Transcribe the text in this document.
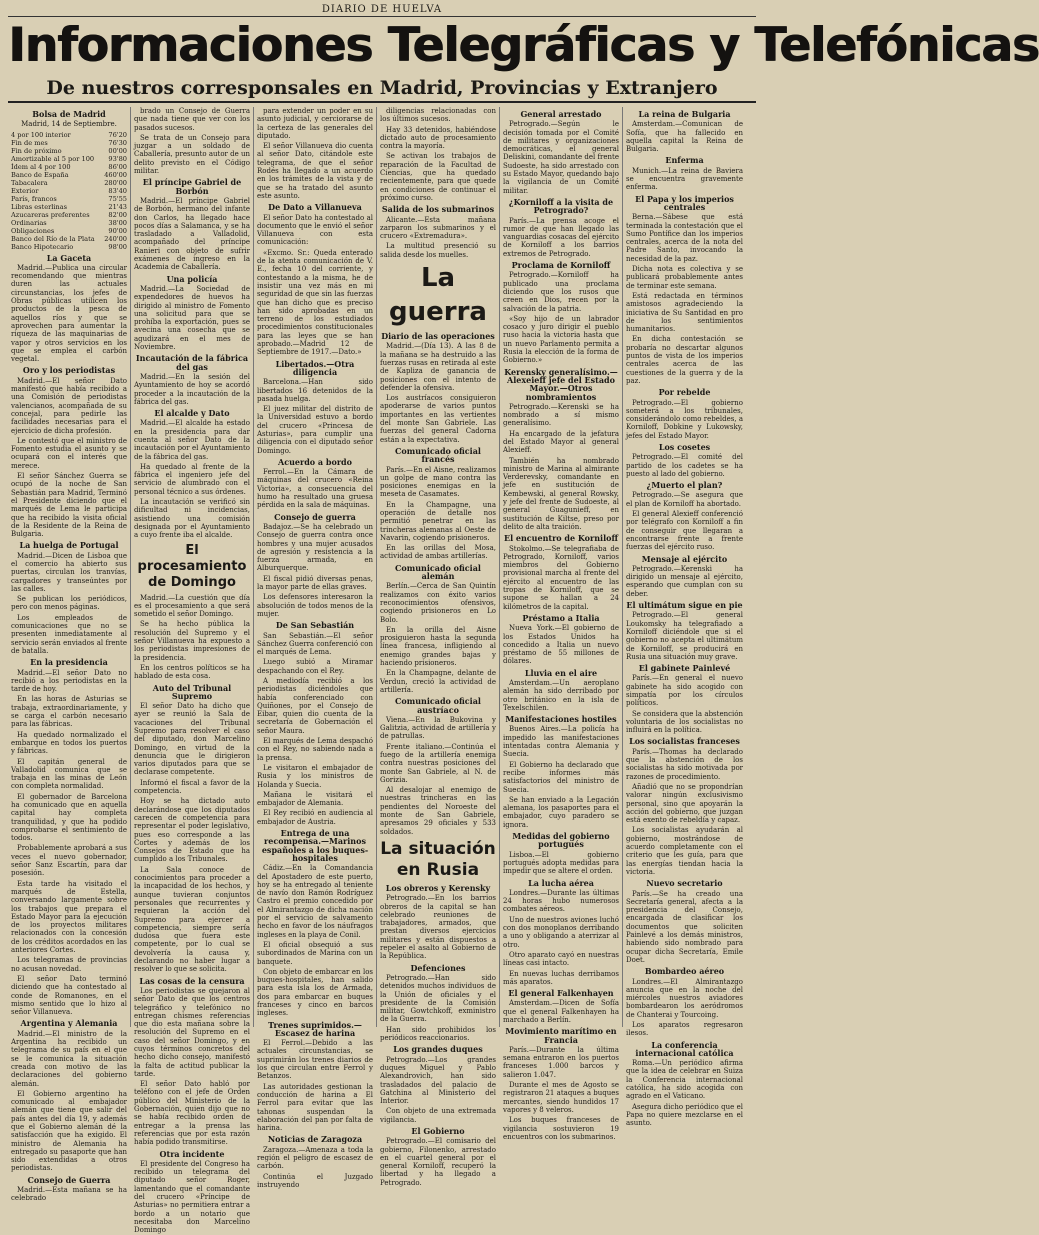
DIARIO DE HUELVA
Informaciones Telegráficas y Telefónicas
De nuestros corresponsales en Madrid, Provincias y Extranjero
Bolsa de Madrid
Madrid, 14 de Septiembre.
4 por 100 interior	76'20
Fin de mes	76'30
Fin de próximo	00'00
Amortizable al 5 por 100	93'80
Ídem al 4 por 100	86'00
Banco de España	460'00
Tabacalera	280'00
Exterior	83'40
París, francos	75'55
Libras esterlinas	21'43
Azucareras preferentes	82'00
Ordinarias	38'00
Obligaciones	90'00
Banco del Río de la Plata	240'00
Banco Hipotecario	98'00
La Gaceta

Madrid.—Publica una circular recomendando que mientras duren las actuales circunstancias, los jefes de Obras públicas utilicen los productos de la pesca de aquellos ríos y que se aprovechen para aumentar la riqueza de las maquinarias de vapor y otros servicios en los que se emplea el carbón vegetal.

Oro y los periodistas

Madrid.—El señor Dato manifestó que había recibido a una Comisión de periodistas valencianos, acompañada de su concejal, para pedirle las facilidades necesarias para el ejercicio de dicha profesión.

Le contestó que el ministro de Fomento estudia el asunto y se ocupará con el interés que merece.

El señor Sánchez Guerra se ocupó de la noche de San Sebastián para Madrid, Terminó el Presidente diciendo que el marqués de Lema le participa que ha recibido la visita oficial de la Residente de la Reina de Bulgaria.

La huelga de Portugal

Madrid.—Dicen de Lisboa que el comercio ha abierto sus puertas, circulan los tranvías, cargadores y transeúntes por las calles.

Se publican los periódicos, pero con menos páginas.

Los empleados de comunicaciones que no se presenten inmediatamente al servicio serán enviados al frente de batalla.

En la presidencia

Madrid.—El señor Dato no recibió a los periodistas en la tarde de hoy.

En las horas de Asturias se trabaja, extraordinariamente, y se carga el carbón necesario para las fábricas.

Ha quedado normalizado el embarque en todos los puertos y fábricas.

El capitán general de Valladolid comunica que se trabaja en las minas de León con completa normalidad.

El gobernador de Barcelona ha comunicado que en aquella capital hay completa tranquilidad, y que ha podido comprobarse el sentimiento de todos.

Probablemente aprobará a sus veces el nuevo gobernador, señor Sanz Escartín, para dar posesión.

Esta tarde ha visitado el marqués de Estella, conversando largamente sobre los trabajos que prepara el Estado Mayor para la ejecución de los proyectos militares relacionados con la concesión de los créditos acordados en las anteriores Cortes.

Los telegramas de provincias no acusan novedad.

El señor Dato terminó diciendo que ha contestado al conde de Romanones, en el mismo sentido que lo hizo al señor Villanueva.

Argentina y Alemania

Madrid.—El ministro de la Argentina ha recibido un telegrama de su país en el que se le comunica la situación creada con motivo de las declaraciones del gobierno alemán.

El Gobierno argentino ha comunicado al embajador alemán que tiene que salir del país antes del día 19, y además que el Gobierno alemán dé la satisfacción que ha exigido. El ministro de Alemania ha entregado su pasaporte que han sido extendidas a otros periodistas.

Consejo de Guerra

Madrid.—Esta mañana se ha celebrado

brado un Consejo de Guerra que nada tiene que ver con los pasados sucesos.

Se trata de un Consejo para juzgar a un soldado de Caballería, presunto autor de un delito previsto en el Código militar.

El príncipe Gabriel de Borbón

Madrid.—El príncipe Gabriel de Borbón, hermano del infante don Carlos, ha llegado hace pocos días a Salamanca, y se ha trasladado a Valladolid, acompañado del príncipe Ranieri con objeto de sufrir exámenes de ingreso en la Academia de Caballería.

Una policía

Madrid.—La Sociedad de expendedores de huevos ha dirigido al ministro de Fomento una solicitud para que se prohíba la exportación, pues se avecina una cosecha que se agudizará en el mes de Noviembre.

Incautación de la fábrica del gas

Madrid.—En la sesión del Ayuntamiento de hoy se acordó proceder a la incautación de la fábrica del gas.

El alcalde y Dato

Madrid.—El alcalde ha estado en la presidencia para dar cuenta al señor Dato de la incautación por el Ayuntamiento de la fábrica del gas.

Ha quedado al frente de la fábrica el ingeniero jefe del servicio de alumbrado con el personal técnico a sus órdenes.

La incautación se verificó sin dificultad ni incidencias, asistiendo una comisión designada por el Ayuntamiento a cuyo frente iba el alcalde.

El procesamiento de Domingo

Madrid.—La cuestión que día es el procesamiento a que será sometido el señor Domingo.

Se ha hecho pública la resolución del Supremo y el señor Villanueva ha expuesto a los periodistas impresiones de la presidencia.

En los centros políticos se ha hablado de esta cosa.

Auto del Tribunal Supremo

El señor Dato ha dicho que ayer se reunió la Sala de vacaciones del Tribunal Supremo para resolver el caso del diputado, don Marcelino Domingo, en virtud de la denuncia que le dirigieron varios diputados para que se declarase competente.

Informó el fiscal a favor de la competencia.

Hoy se ha dictado auto declarándose que los diputados carecen de competencia para representar el poder legislativo, pues eso corresponde a las Cortes y además de los Consejos de Estado que ha cumplido a los Tribunales.

La Sala conoce de conocimientos para proceder a la incapacidad de los hechos, y aunque tuvieran conjuntos personales que recurrentes y requieran la acción del Supremo para ejercer a competencia, siempre sería dudosa que fuera este competente, por lo cual se devolvería la causa y, declarando no haber lugar a resolver lo que se solicita.

Las cosas de la censura

Los periodistas se quejaron al señor Dato de que los centros telegráfico y telefónico no entregan chismes referencias que dio esta mañana sobre la resolución del Supremo en el caso del señor Domingo, y en cuyos términos concretos del hecho dicho consejo, manifestó la falta de actitud publicar la tarde.

El señor Dato habló por teléfono con el jefe de Orden público del Ministerio de la Gobernación, quien dijo que no se había recibido orden de entregar a la prensa las referencias que por esta razón había podido transmitirse.

Otra incidente

El presidente del Congreso ha recibido un telegrama del diputado señor Roger, lamentando que el comandante del crucero «Príncipe de Asturias» no permitiera entrar a bordo a un notario que necesitaba don Marcelino Domingo

para extender un poder en su asunto judicial, y cerciorarse de la certeza de las generales del diputado.

El señor Villanueva dio cuenta al señor Dato, citándole este telegrama, de que el señor Rodés ha llegado a un acuerdo en los trámites de la vista y de que se ha tratado del asunto este asunto.

De Dato a Villanueva

El señor Dato ha contestado al documento que le envió el señor Villanueva con esta comunicación:

«Excmo. Sr.: Queda enterado de la atenta comunicación de V. E., fecha 10 del corriente, y contestando a la misma, he de insistir una vez más en mi seguridad de que sin las fuerzas que han dicho que es preciso han sido aprobadas en un terreno de los estudiados procedimientos constitucionales para las leyes que se han aprobado.—Madrid 12 de Septiembre de 1917.—Dato.»

Libertados.—Otra diligencia

Barcelona.—Han sido libertados 16 detenidos de la pasada huelga.

El juez militar del distrito de la Universidad estuvo a bordo del crucero «Princesa de Asturias», para cumplir una diligencia con el diputado señor Domingo.

Acuerdo a bordo

Ferrol.—En la Cámara de máquinas del crucero «Reina Victoria», a consecuencia del humo ha resultado una gruesa pérdida en la sala de máquinas.

Consejo de guerra

Badajoz.—Se ha celebrado un Consejo de guerra contra once hombres y una mujer acusados de agresión y resistencia a la fuerza armada, en Alburquerque.

El fiscal pidió diversas penas, la mayor parte de ellas graves.

Los defensores interesaron la absolución de todos menos de la mujer.

De San Sebastián

San Sebastián.—El señor Sánchez Guerra conferenció con el marqués de Lema.

Luego subió a Miramar despachando con el Rey.

A mediodía recibió a los periodistas diciéndoles que había conferenciado con Quiñones, por el Consejo de Eibar, quien dio cuenta de la secretaría de Gobernación el señor Maura.

El marqués de Lema despachó con el Rey, no sabiendo nada a la prensa.

Le visitaron el embajador de Rusia y los ministros de Holanda y Suecia.

Mañana le visitará el embajador de Alemania.

El Rey recibió en audiencia al embajador de Austria.

Entrega de una recompensa.—Marinos españoles a los buques-hospitales

Cádiz.—En la Comandancia del Apostadero de este puerto, hoy se ha entregado al teniente de navío don Ramón Rodríguez Castro el premio concedido por el Almirantazgo de dicha nación por el servicio de salvamento hecho en favor de los náufragos ingleses en la playa de Conil.

El oficial obsequió a sus subordinados de Marina con un banquete.

Con objeto de embarcar en los buques-hospitales, han salido para esta isla los de Armada, dos para embarcar en buques franceses y cinco en barcos ingleses.

Trenes suprimidos.—Escasez de harina

El Ferrol.—Debido a las actuales circunstancias, se suprimirán los trenes diarios de los que circulan entre Ferrol y Betanzos.

Las autoridades gestionan la conducción de harina a El Ferrol para evitar que las tahonas suspendan la elaboración del pan por falta de harina.

Noticias de Zaragoza

Zaragoza.—Amenaza a toda la región el peligro de escasez de carbón.

Continúa el Juzgado instruyendo

diligencias relacionadas con los últimos sucesos.

Hay 33 detenidos, habiéndose dictado auto de procesamiento contra la mayoría.

Se activan los trabajos de reparación de la Facultad de Ciencias, que ha quedado recientemente, para que quede en condiciones de continuar el próximo curso.

Salida de los submarinos

Alicante.—Esta mañana zarparon los submarinos y el crucero «Extremadura».

La multitud presenció su salida desde los muelles.

La guerra
Diario de las operaciones

Madrid.—(Día 13). A las 8 de la mañana se ha destruido a las fuerzas rusas en retirada al este de Kapliza de ganancia de posiciones con el intento de defender la ofensiva.

Los austríacos consiguieron apoderarse de varios puntos importantes en las vertientes del monte San Gabriele. Las fuerzas del general Cadorna están a la expectativa.

Comunicado oficial francés

París.—En el Aisne, realizamos un golpe de mano contra las posiciones enemigas en la meseta de Casamates.

En la Champagne, una operación de detalle nos permitió penetrar en las trincheras alemanas al Oeste de Navarin, cogiendo prisioneros.

En las orillas del Mosa, actividad de ambas artillerías.

Comunicado oficial alemán

Berlín.—Cerca de San Quintín realizamos con éxito varios reconocimientos ofensivos, cogiendo prisioneros en Lo Bolo.

En la orilla del Aisne prosiguieron hasta la segunda línea francesa, infligiendo al enemigo grandes bajas y haciendo prisioneros.

En la Champagne, delante de Verdun, creció la actividad de artillería.

Comunicado oficial austríaco

Viena.—En la Bukovina y Galitzia, actividad de artillería y de patrullas.

Frente italiano.—Continúa el fuego de la artillería enemiga contra nuestras posiciones del monte San Gabriele, al N. de Gorizia.

Al desalojar al enemigo de nuestras trincheras en las pendientes del Noroeste del monte de San Gabriele, apresamos 29 oficiales y 533 soldados.

La situación en Rusia
Los obreros y Kerensky

Petrogrado.—En los barrios obreros de la capital se han celebrado reuniones de trabajadores, armados, que prestan diversos ejercicios militares y están dispuestos a repeler el asalto al Gobierno de la República.

Defenciones

Petrogrado.—Han sido detenidos muchos individuos de la Unión de oficiales y el presidente de la Comisión militar, Gowtchkoff, exministro de la Guerra.

Han sido prohibidos los periódicos reaccionarios.

Los grandes duques

Petrogrado.—Los grandes duques Miguel y Pablo Alexandrovich, han sido trasladados del palacio de Gatchina al Ministerio del Interior.

Con objeto de una extremada vigilancia.

El Gobierno

Petrogrado.—El comisario del gobierno, Filonenko, arrestado en el cuartel general por el general Korniloff, recuperó la libertad y ha llegado a Petrogrado.

General arrestado

Petrogrado.—Según le decisión tomada por el Comité de militares y organizaciones democráticas, el general Deliskini, comandante del frente Sudoeste, ha sido arrestado con su Estado Mayor, quedando bajo la vigilancia de un Comité militar.

¿Korniloff a la visita de Petrogrado?

París.—La prensa acoge el rumor de que han llegado las vanguardias cosacas del ejército de Korniloff a los barrios extremos de Petrogrado.

Proclama de Korniloff

Petrogrado.—Korniloff ha publicado una proclama diciendo que los rusos que creen en Dios, recen por la salvación de la patria.

«Soy hijo de un labrador cosaco y juro dirigir el pueblo ruso hacia la victoria hasta que un nuevo Parlamento permita a Rusia la elección de la forma de Gobierno.»

Kerensky generalísimo.—Alexeieff jefe del Estado Mayor.—Otros nombramientos

Petrogrado.—Kerenski se ha nombrado a sí mismo generalísimo.

Ha encargado de la jefatura del Estado Mayor al general Alexieff.

También ha nombrado ministro de Marina al almirante Verderevsky, comandante en jefe en sustitución de Kembewski, al general Rowsky, y jefe del frente de Sudoeste, al general Guagunieff, en sustitución de Kiltse, preso por delito de alta traición.

El encuentro de Korniloff

Stokolmo.—Se telegrafiaba de Petrogrado, Korniloff, varios miembros del Gobierno provisional marcha al frente del ejército al encuentro de las tropas de Korniloff, que se supone se hallan a 24 kilómetros de la capital.

Préstamo a Italia

Nueva York.—El gobierno de los Estados Unidos ha concedido a Italia un nuevo préstamo de 55 millones de dólares.

Lluvia en el aire

Amsterdam.—Un aeroplano alemán ha sido derribado por otro británico en la isla de Texelschilen.

Manifestaciones hostiles

Buenos Aires.—La policía ha impedido las manifestaciones intentadas contra Alemania y Suecia.

El Gobierno ha declarado que recibe informes más satisfactorios del ministro de Suecia.

Se han enviado a la Legación alemana, los pasaportes para el embajador, cuyo paradero se ignora.

Medidas del gobierno portugués

Lisboa.—El gobierno portugués adopta medidas para impedir que se altere el orden.

La lucha aérea

Londres.—Durante las últimas 24 horas hubo numerosos combates aéreos.

Uno de nuestros aviones luchó con dos monoplanos derribando a uno y obligando a aterrizar al otro.

Otro aparato cayó en nuestras líneas casi intacto.

En nuevas luchas derribamos más aparatos.

El general Falkenhayen

Amsterdam.—Dicen de Sofía que el general Falkenhayen ha marchado a Berlín.

Movimiento marítimo en Francia

París.—Durante la última semana entraron en los puertos franceses 1.000 barcos y salieron 1.047.

Durante el mes de Agosto se registraron 21 ataques a buques mercantes, siendo hundidos 17 vapores y 8 veleros.

Los buques franceses de vigilancia sostuvieron 19 encuentros con los submarinos.

La reina de Bulgaria

Amsterdam.—Comunican de Sofía, que ha fallecido en aquella capital la Reina de Bulgaria.

Enferma

Munich.—La reina de Baviera se encuentra gravemente enferma.

El Papa y los imperios centrales

Berna.—Sábese que está terminada la contestación que el Sumo Pontífice dan los imperios centrales, acerca de la nota del Padre Santo, invocando la necesidad de la paz.

Dicha nota es colectiva y se publicará probablemente antes de terminar este semana.

Está redactada en términos amistosos agradeciendo la iniciativa de Su Santidad en pro de los sentimientos humanitarios.

En dicha contestación se probaría no descartar algunos puntos de vista de los imperios centrales acerca de las cuestiones de la guerra y de la paz.

Por rebelde

Petrogrado.—El gobierno someterá a los tribunales, considerándolo como rebeldes, a Korniloff, Dobkine y Lukowsky, jefes del Estado Mayor.

Los cosetes

Petrogrado.—El comité del partido de los cadetes se ha puesto al lado del gobierno.

¿Muerto el plan?

Petrogrado.—Se asegura que el plan de Korniloff ha abortado.

El general Alexieff conferenció por telégrafo con Korniloff a fin de conseguir que llegaran a encontrarse frente a frente fuerzas del ejército ruso.

Mensaje al ejército

Petrogrado.—Kerenski ha dirigido un mensaje al ejército, esperando que cumplan con su deber.

El ultimátum sigue en pie

Petrogrado.—El general Loukomsky ha telegrafiado a Korniloff diciéndole que si el gobierno no acepta el ultimátum de Korniloff, se producirá en Rusia una situación muy grave.

El gabinete Painlevé

París.—En general el nuevo gabinete ha sido acogido con simpatía por los círculos políticos.

Se considera que la abstención voluntaria de los socialistas no influirá en la política.

Los socialistas franceses

París.—Thomas ha declarado que la abstención de los socialistas ha sido motivada por razones de procedimiento.

Añadió que no se propondrían valorar ningún exclusivismo personal, sino que apoyarán la acción del gobierno, que juzgan está exento de rebeldía y capaz.

Los socialistas ayudarán al gobierno, mostrándose de acuerdo completamente con el criterio que les guía, para que las energías tiendan hacia la victoria.

Nuevo secretario

París.—Se ha creado una Secretaría general, afecta a la presidencia del Consejo, encargada de clasificar los documentos que soliciten Painlevé a los demás ministros, habiendo sido nombrado para ocupar dicha Secretaría, Emile Doet.

Bombardeo aéreo

Londres.—El Almirantazgo anuncia que en la noche del miércoles nuestros aviadores bombardearon los aeródromos de Chanterai y Tourcoing.

Los aparatos regresaron ilesos.

La conferencia internacional católica

Roma.—Un periódico afirma que la idea de celebrar en Suiza la Conferencia internacional católica, ha sido acogida con agrado en el Vaticano.

Asegura dicho periódico que el Papa no quiere mezclarse en el asunto.
